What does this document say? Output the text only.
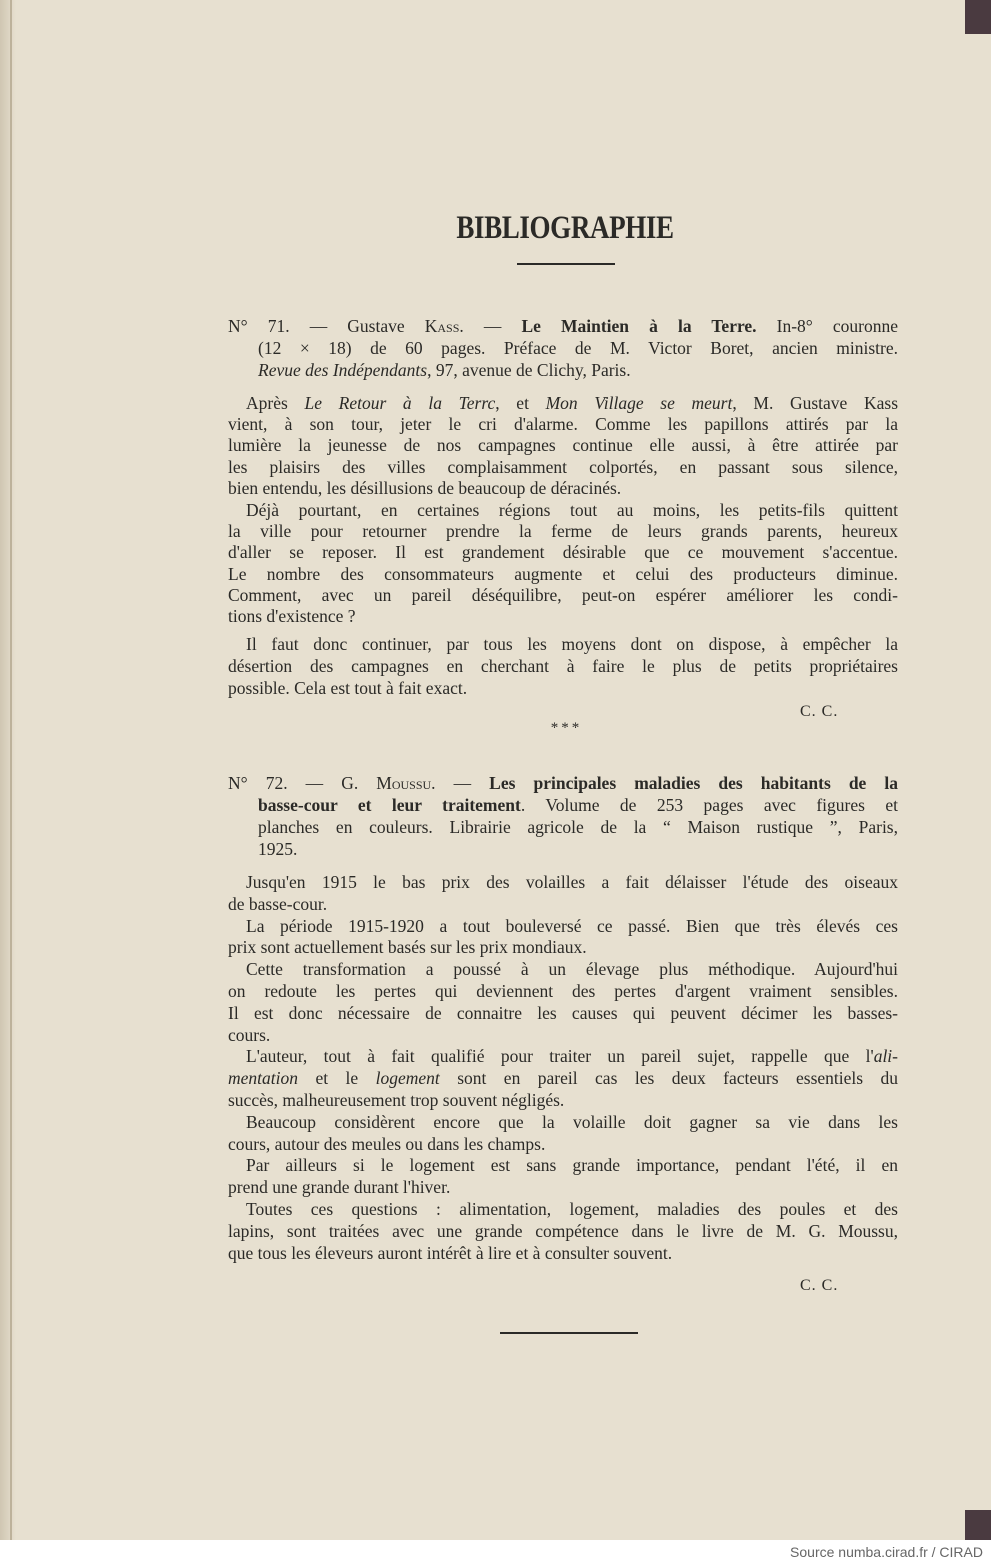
BIBLIOGRAPHIE
N° 71. — Gustave Kass. — Le Maintien à la Terre. In-8° couronne
(12 × 18) de 60 pages. Préface de M. Victor Boret, ancien ministre.
Revue des Indépendants, 97, avenue de Clichy, Paris.
Après Le Retour à la Terrc, et Mon Village se meurt, M. Gustave Kass
vient, à son tour, jeter le cri d'alarme. Comme les papillons attirés par la
lumière la jeunesse de nos campagnes continue elle aussi, à être attirée par
les plaisirs des villes complaisamment colportés, en passant sous silence,
bien entendu, les désillusions de beaucoup de déracinés.
Déjà pourtant, en certaines régions tout au moins, les petits-fils quittent
la ville pour retourner prendre la ferme de leurs grands parents, heureux
d'aller se reposer. Il est grandement désirable que ce mouvement s'accentue.
Le nombre des consommateurs augmente et celui des producteurs diminue.
Comment, avec un pareil déséquilibre, peut-on espérer améliorer les condi-
tions d'existence ?
Il faut donc continuer, par tous les moyens dont on dispose, à empêcher la
désertion des campagnes en cherchant à faire le plus de petits propriétaires
possible. Cela est tout à fait exact.
C. C.
* * *
N° 72. — G. Moussu. — Les principales maladies des habitants de la
basse-cour et leur traitement. Volume de 253 pages avec figures et
planches en couleurs. Librairie agricole de la “ Maison rustique ”, Paris,
1925.
Jusqu'en 1915 le bas prix des volailles a fait délaisser l'étude des oiseaux
de basse-cour.
La période 1915-1920 a tout bouleversé ce passé. Bien que très élevés ces
prix sont actuellement basés sur les prix mondiaux.
Cette transformation a poussé à un élevage plus méthodique. Aujourd'hui
on redoute les pertes qui deviennent des pertes d'argent vraiment sensibles.
Il est donc nécessaire de connaitre les causes qui peuvent décimer les basses-
cours.
L'auteur, tout à fait qualifié pour traiter un pareil sujet, rappelle que l'ali-
mentation et le logement sont en pareil cas les deux facteurs essentiels du
succès, malheureusement trop souvent négligés.
Beaucoup considèrent encore que la volaille doit gagner sa vie dans les
cours, autour des meules ou dans les champs.
Par ailleurs si le logement est sans grande importance, pendant l'été, il en
prend une grande durant l'hiver.
Toutes ces questions : alimentation, logement, maladies des poules et des
lapins, sont traitées avec une grande compétence dans le livre de M. G. Moussu,
que tous les éleveurs auront intérêt à lire et à consulter souvent.
C. C.
Source numba.cirad.fr / CIRAD
